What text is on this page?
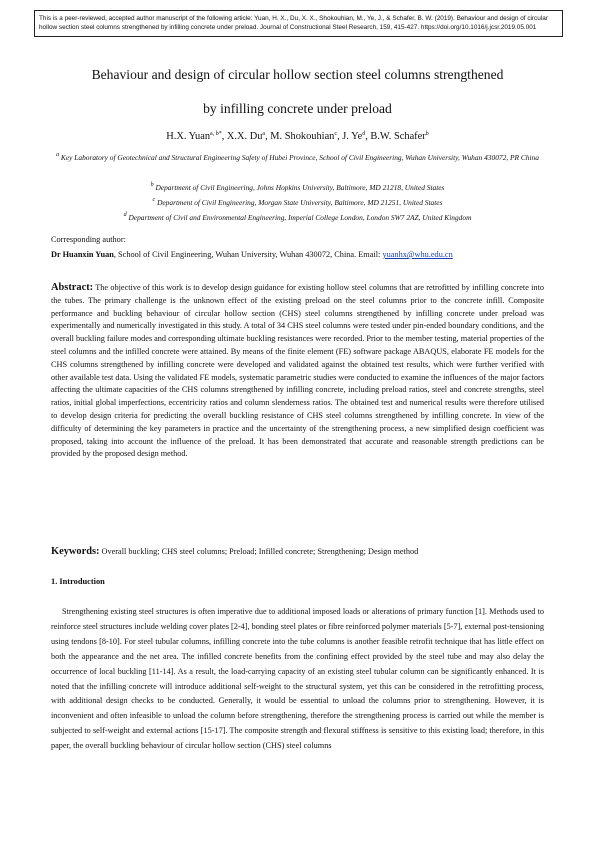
This is a peer-reviewed, accepted author manuscript of the following article: Yuan, H. X., Du, X. X., Shokouhian, M., Ye, J., & Schafer, B. W. (2019). Behaviour and design of circular hollow section steel columns strengthened by infilling concrete under preload. Journal of Constructional Steel Research, 159, 415-427. https://doi.org/10.1016/j.jcsr.2019.05.001
Behaviour and design of circular hollow section steel columns strengthened
by infilling concrete under preload
H.X. Yuan$^{a, b*}$, X.X. Du$^a$, M. Shokouhian$^c$, J. Ye$^d$, B.W. Schafer$^b$
$^a$ Key Laboratory of Geotechnical and Structural Engineering Safety of Hubei Province, School of Civil Engineering, Wuhan University, Wuhan 430072, PR China
$^b$ Department of Civil Engineering, Johns Hopkins University, Baltimore, MD 21218, United States
$^c$ Department of Civil Engineering, Morgan State University, Baltimore, MD 21251, United States
$^d$ Department of Civil and Environmental Engineering, Imperial College London, London SW7 2AZ, United Kingdom
Corresponding author:
Dr Huanxin Yuan, School of Civil Engineering, Wuhan University, Wuhan 430072, China. Email: yuanhx@whu.edu.cn
Abstract: The objective of this work is to develop design guidance for existing hollow steel columns that are retrofitted by infilling concrete into the tubes. The primary challenge is the unknown effect of the existing preload on the steel columns prior to the concrete infill. Composite performance and buckling behaviour of circular hollow section (CHS) steel columns strengthened by infilling concrete under preload was experimentally and numerically investigated in this study. A total of 34 CHS steel columns were tested under pin-ended boundary conditions, and the overall buckling failure modes and corresponding ultimate buckling resistances were recorded. Prior to the member testing, material properties of the steel columns and the infilled concrete were attained. By means of the finite element (FE) software package ABAQUS, elaborate FE models for the CHS columns strengthened by infilling concrete were developed and validated against the obtained test results, which were further verified with other available test data. Using the validated FE models, systematic parametric studies were conducted to examine the influences of the major factors affecting the ultimate capacities of the CHS columns strengthened by infilling concrete, including preload ratios, steel and concrete strengths, steel ratios, initial global imperfections, eccentricity ratios and column slenderness ratios. The obtained test and numerical results were therefore utilised to develop design criteria for predicting the overall buckling resistance of CHS steel columns strengthened by infilling concrete. In view of the difficulty of determining the key parameters in practice and the uncertainty of the strengthening process, a new simplified design coefficient was proposed, taking into account the influence of the preload. It has been demonstrated that accurate and reasonable strength predictions can be provided by the proposed design method.
Keywords: Overall buckling; CHS steel columns; Preload; Infilled concrete; Strengthening; Design method
1. Introduction
Strengthening existing steel structures is often imperative due to additional imposed loads or alterations of primary function [1]. Methods used to reinforce steel structures include welding cover plates [2-4], bonding steel plates or fibre reinforced polymer materials [5-7], external post-tensioning using tendons [8-10]. For steel tubular columns, infilling concrete into the tube columns is another feasible retrofit technique that has little effect on both the appearance and the net area. The infilled concrete benefits from the confining effect provided by the steel tube and may also delay the occurrence of local buckling [11-14]. As a result, the load-carrying capacity of an existing steel tubular column can be significantly enhanced. It is noted that the infilling concrete will introduce additional self-weight to the structural system, yet this can be considered in the retrofitting process, with additional design checks to be conducted. Generally, it would be essential to unload the columns prior to strengthening. However, it is inconvenient and often infeasible to unload the column before strengthening, therefore the strengthening process is carried out while the member is subjected to self-weight and external actions [15-17]. The composite strength and flexural stiffness is sensitive to this existing load; therefore, in this paper, the overall buckling behaviour of circular hollow section (CHS) steel columns
